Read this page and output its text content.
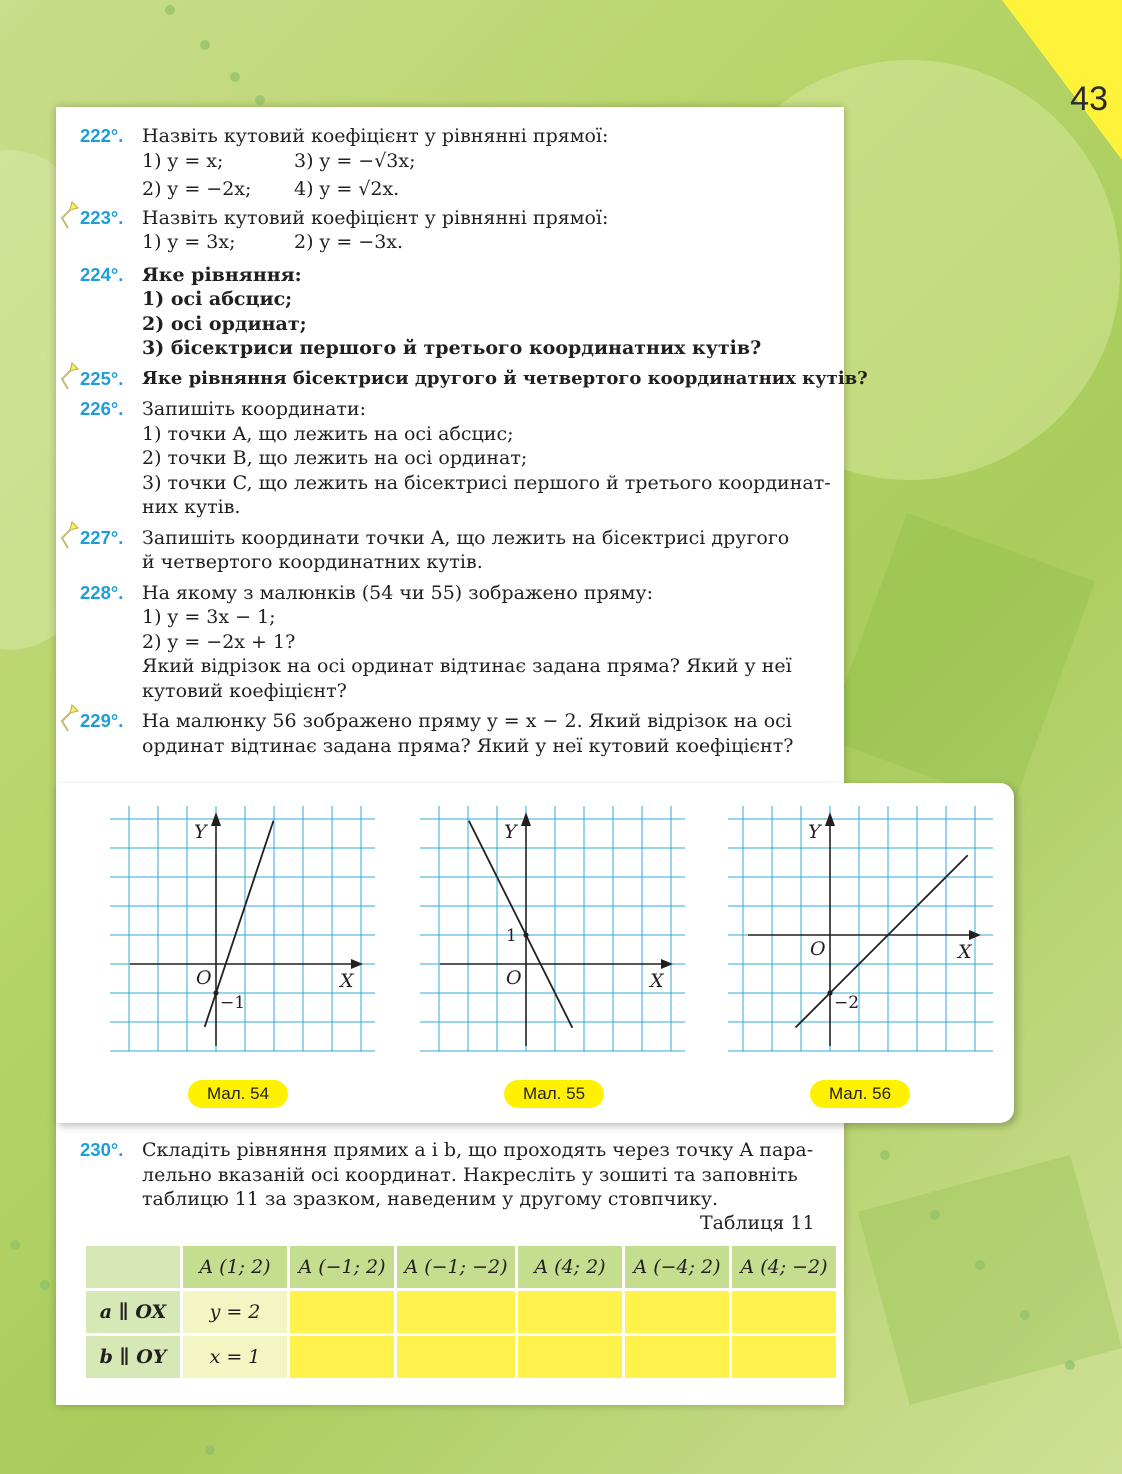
43
222°. Назвіть кутовий коефіцієнт у рівнянні прямої:
1) y = x;	3) y = −√3x;
2) y = −2x; 4) y = √2x.
223°. Назвіть кутовий коефіцієнт у рівнянні прямої:
1) y = 3x;	2) y = −3x.
224°. Яке рівняння:
1) осі абсцис;
2) осі ординат;
3) бісектриси першого й третього координатних кутів?
225°. Яке рівняння бісектриси другого й четвертого координатних кутів?
226°. Запишіть координати:
1) точки A, що лежить на осі абсцис;
2) точки B, що лежить на осі ординат;
3) точки C, що лежить на бісектрисі першого й третього координат-
них кутів.
227°. Запишіть координати точки A, що лежить на бісектрисі другого
й четвертого координатних кутів.
228°. На якому з малюнків (54 чи 55) зображено пряму:
1) y = 3x − 1;
2) y = −2x + 1?
Який відрізок на осі ординат відтинає задана пряма? Який у неї
кутовий коефіцієнт?
229°. На малюнку 56 зображено пряму y = x − 2. Який відрізок на осі
ординат відтинає задана пряма? Який у неї кутовий коефіцієнт?
Y
X
O
−1
Y
X
O
1
Y
X
O
−2
Мал. 54	Мал. 55	Мал. 56
230°. Складіть рівняння прямих a і b, що проходять через точку A пара-
лельно вказаній осі координат. Накресліть у зошиті та заповніть
таблицю 11 за зразком, наведеним у другому стовпчику.
Таблиця 11
	A (1; 2)	A (−1; 2)	A (−1; −2)	A (4; 2)	A (−4; 2)	A (4; −2)
a ∥ OX	y = 2					
b ∥ OY	x = 1					
